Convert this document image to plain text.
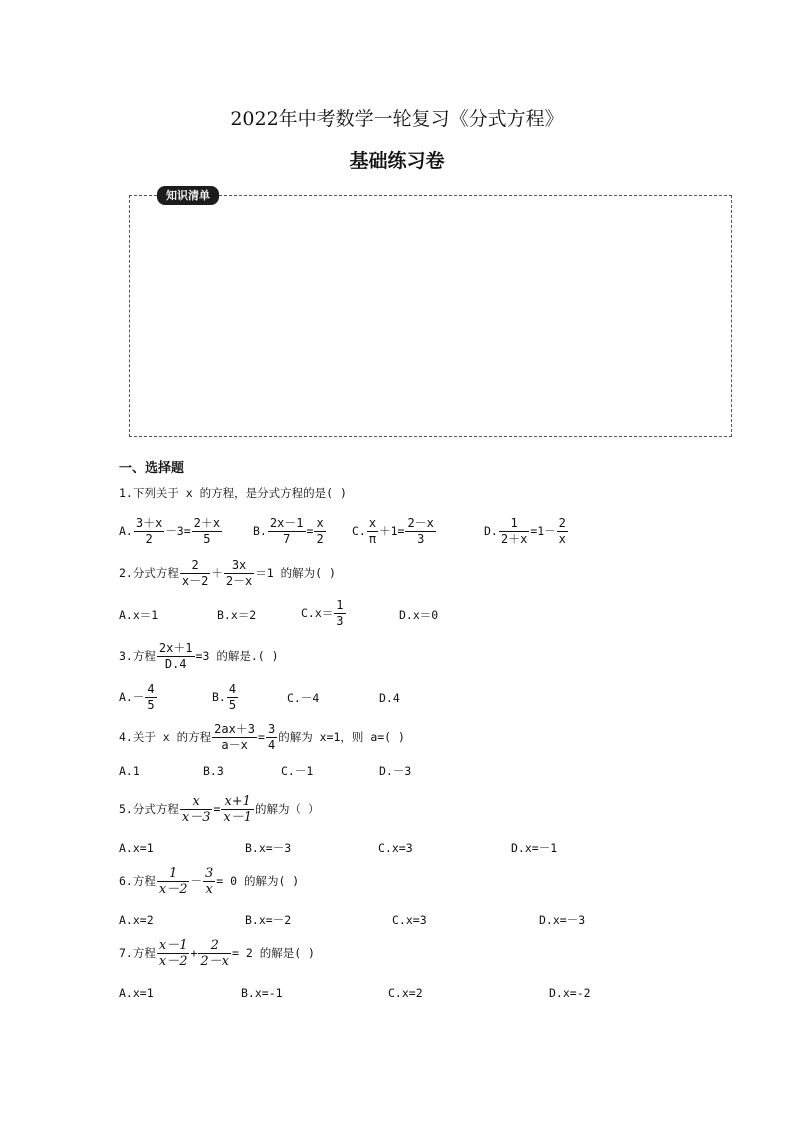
2022年中考数学一轮复习《分式方程》
基础练习卷
知识清单
一、选择题
1.下列关于 x 的方程，是分式方程的是( )
A. $\frac{3+x}{2} -3= \frac{2+x}{5}$	B. $\frac{2x-1}{7} = \frac{x}{2} C$. $\frac{x}{\pi} +1= \frac{2-x}{3}$	D. $\frac{1}{2+x} =1- \frac{2}{x}$
2.分式方程 $\frac{2}{x-2} + \frac{3x}{2-x} =1$ 的解为( )
A.x＝1	B.x＝2	$C.x= \frac{1}{3}$	D.x＝0
3.方程 $\frac{2x+1}{D.4} =3$ 的解是.( )
$A.- \frac{4}{5}$	B. $\frac{4}{5}$	C.－4	D.4
4.关于 x 的方程 $\frac{2ax+3}{a-x} = \frac{3}{4}$ 的解为 x=1，则 a=( )
A.1	B.3	C.－1	D.－3
5.分式方程 $\frac{x}{x-3} = \frac{x+1}{x-1}$ 的解为（ ）
A.x=1	B.x=－3	C.x=3	D.x=－1
6.方程 $\frac{1}{x-2} - \frac{3}{x} = 0$ 的解为( )
A.x=2	B.x=－2	C.x=3	D.x=－3
7.方程 $\frac{x-1}{x-2} + \frac{2}{2-x} = 2$ 的解是( )
A.x=1	B.x=-1	C.x=2	D.x=-2
